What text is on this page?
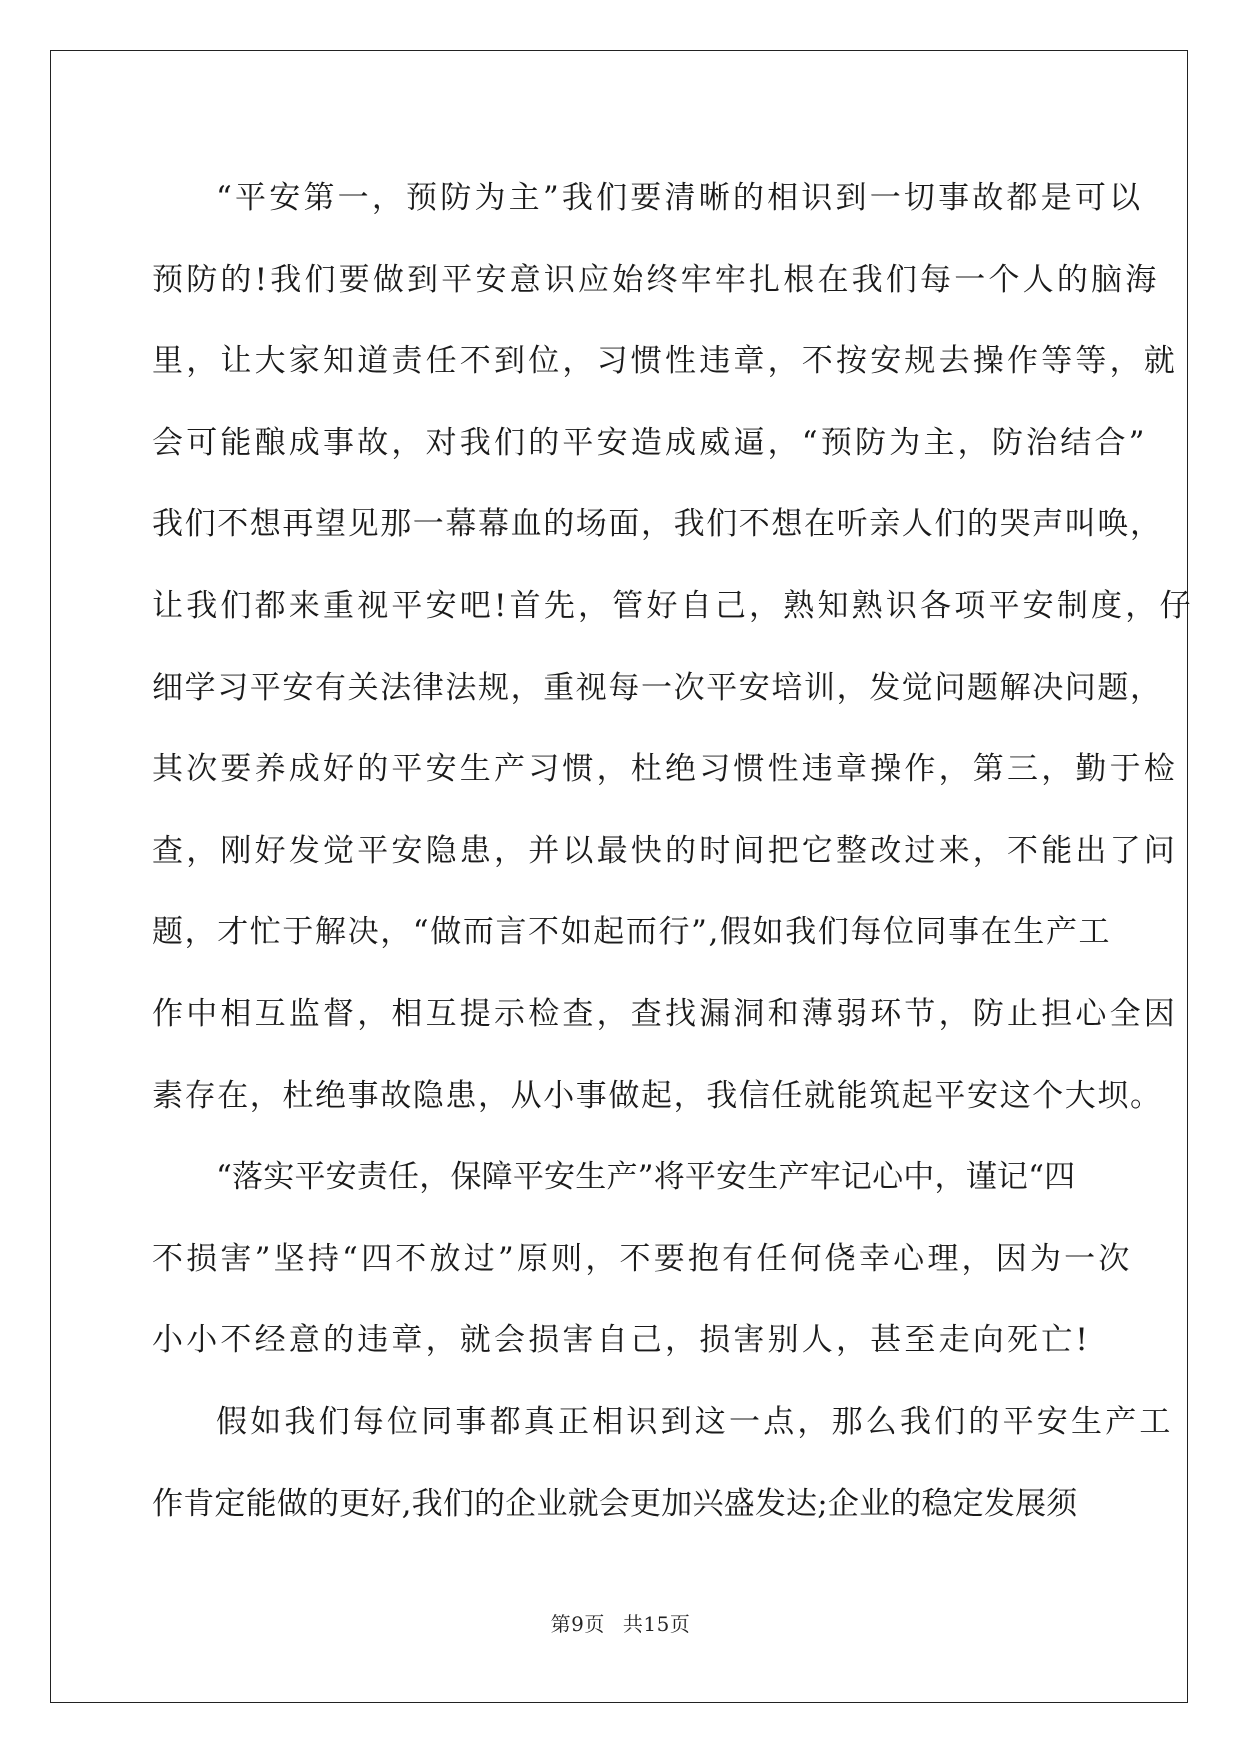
“平安第一，预防为主”我们要清晰的相识到一切事故都是可以
预防的!我们要做到平安意识应始终牢牢扎根在我们每一个人的脑海
里，让大家知道责任不到位，习惯性违章，不按安规去操作等等，就
会可能酿成事故，对我们的平安造成威逼，“预防为主，防治结合”
我们不想再望见那一幕幕血的场面，我们不想在听亲人们的哭声叫唤，
让我们都来重视平安吧!首先，管好自己，熟知熟识各项平安制度，仔
细学习平安有关法律法规，重视每一次平安培训，发觉问题解决问题，
其次要养成好的平安生产习惯，杜绝习惯性违章操作，第三，勤于检
查，刚好发觉平安隐患，并以最快的时间把它整改过来，不能出了问
题，才忙于解决，“做而言不如起而行”,假如我们每位同事在生产工
作中相互监督，相互提示检查，查找漏洞和薄弱环节，防止担心全因
素存在，杜绝事故隐患，从小事做起，我信任就能筑起平安这个大坝。
“落实平安责任，保障平安生产”将平安生产牢记心中，谨记“四
不损害”坚持“四不放过”原则，不要抱有任何侥幸心理，因为一次
小小不经意的违章，就会损害自己，损害别人，甚至走向死亡!
假如我们每位同事都真正相识到这一点，那么我们的平安生产工
作肯定能做的更好,我们的企业就会更加兴盛发达;企业的稳定发展须
第9页 共15页
